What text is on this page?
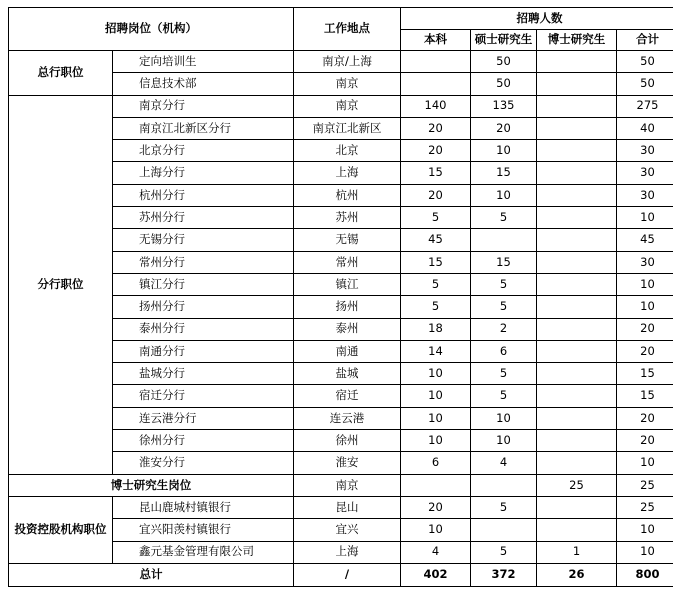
招聘岗位（机构）		工作地点	招聘人数			
			本科	硕士研究生	博士研究生	合计
总行职位	定向培训生	南京/上海		50		50
	信息技术部	南京		50		50
分行职位	南京分行	南京	140	135		275
	南京江北新区分行	南京江北新区	20	20		40
	北京分行	北京	20	10		30
	上海分行	上海	15	15		30
	杭州分行	杭州	20	10		30
	苏州分行	苏州	5	5		10
	无锡分行	无锡	45			45
	常州分行	常州	15	15		30
	镇江分行	镇江	5	5		10
	扬州分行	扬州	5	5		10
	泰州分行	泰州	18	2		20
	南通分行	南通	14	6		20
	盐城分行	盐城	10	5		15
	宿迁分行	宿迁	10	5		15
	连云港分行	连云港	10	10		20
	徐州分行	徐州	10	10		20
	淮安分行	淮安	6	4		10
博士研究生岗位		南京			25	25
投资控股机构职位	昆山鹿城村镇银行	昆山	20	5		25
	宜兴阳羡村镇银行	宜兴	10			10
	鑫元基金管理有限公司	上海	4	5	1	10
总计		/	402	372	26	800
